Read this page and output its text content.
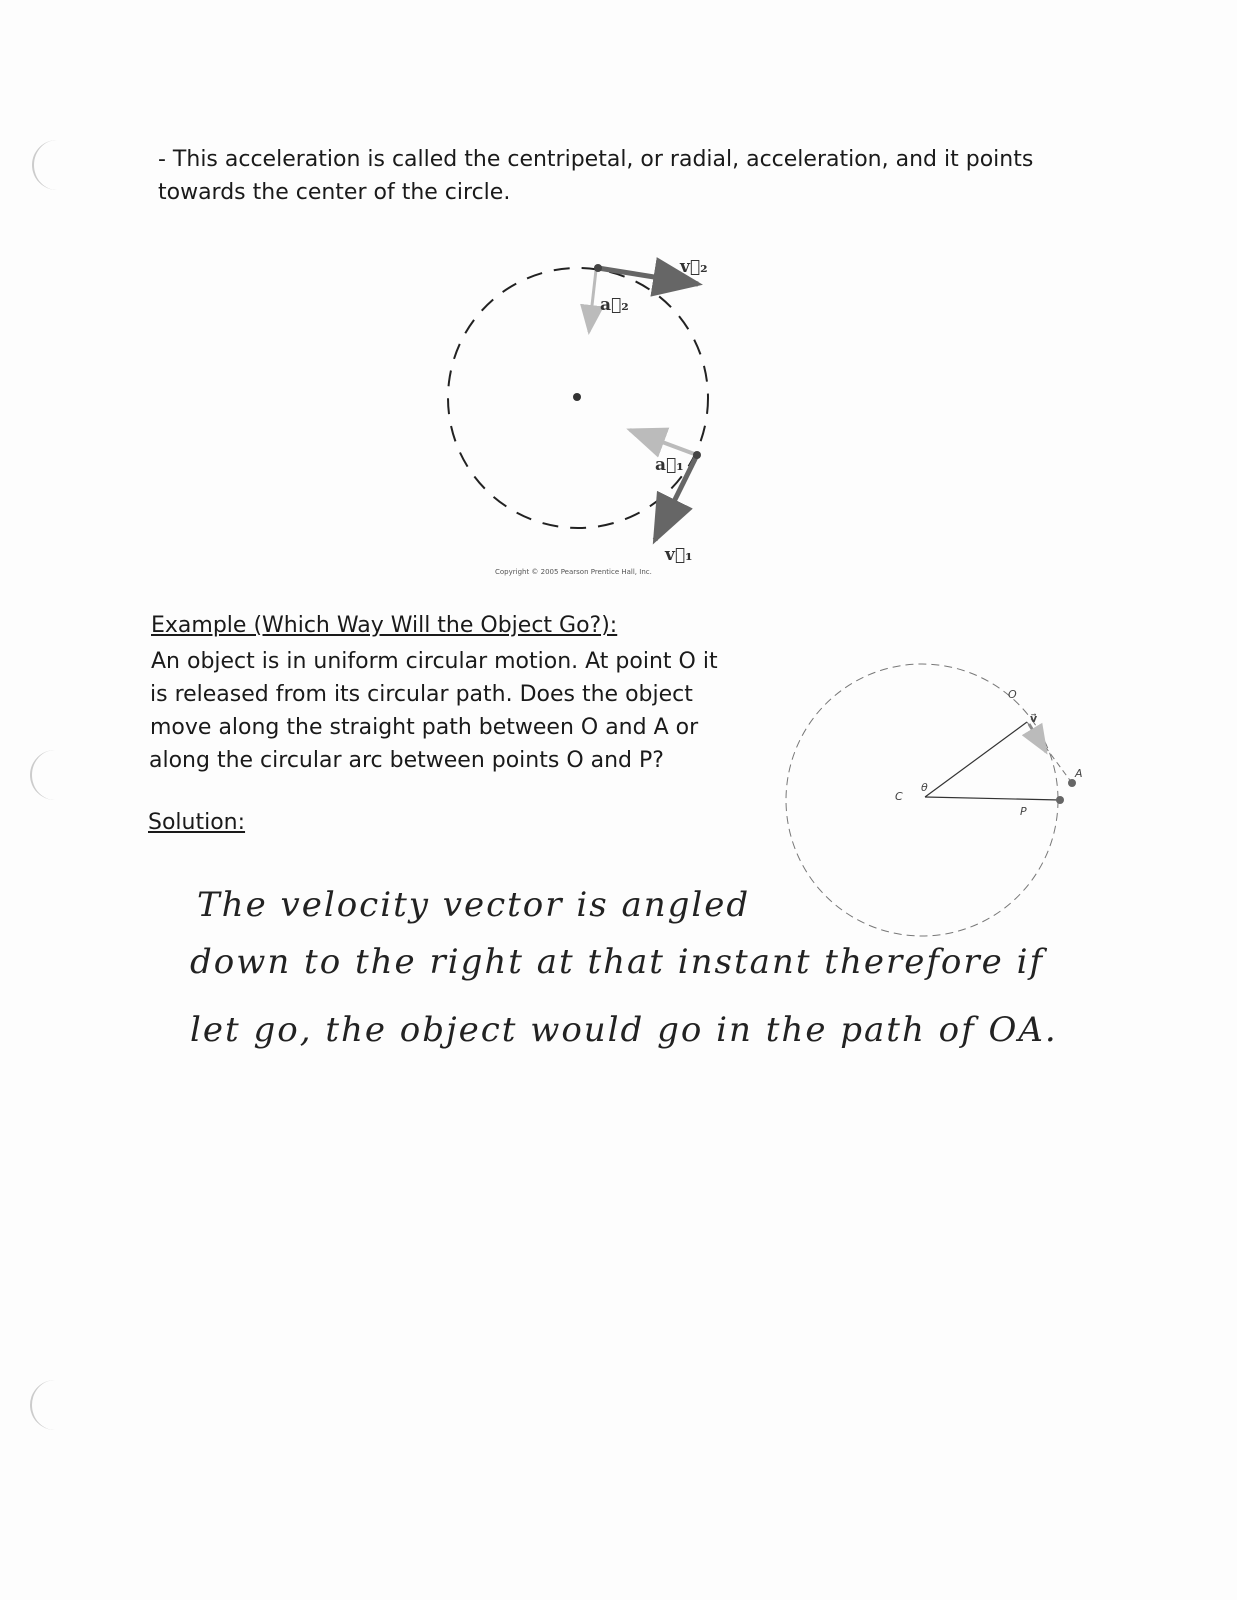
- This acceleration is called the centripetal, or radial, acceleration, and it points
towards the center of the circle.
v⃗₂
a⃗₂
a⃗₁
v⃗₁
O
v⃗
A
C
θ
P
Copyright © 2005 Pearson Prentice Hall, Inc.
Example (Which Way Will the Object Go?):
An object is in uniform circular motion. At point O it
is released from its circular path. Does the object
move along the straight path between O and A or
along the circular arc between points O and P?
Solution:
The velocity vector is angled
down to the right at that instant therefore if
let go, the object would go in the path of OA.
